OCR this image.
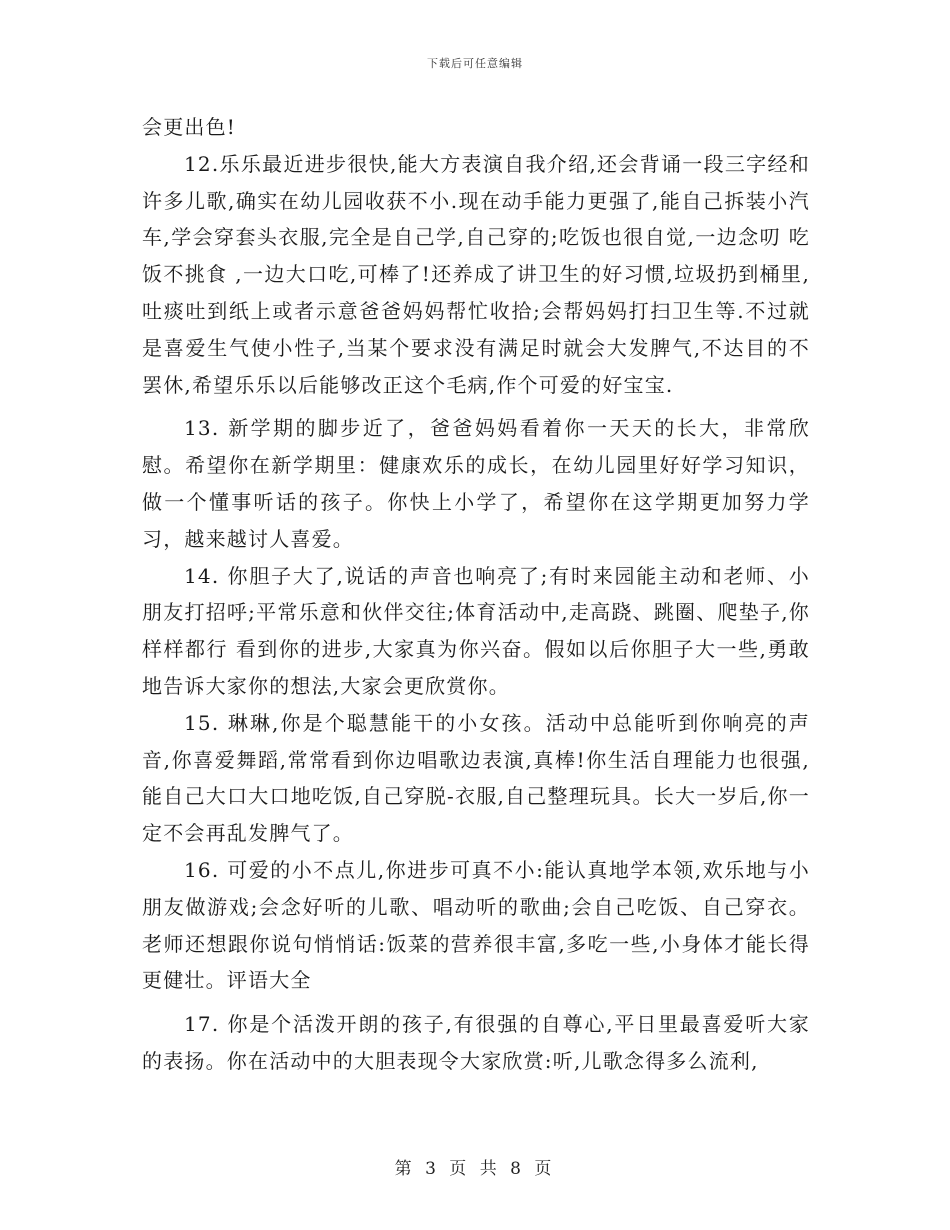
下载后可任意编辑

会更出色!

12.乐乐最近进步很快,能大方表演自我介绍,还会背诵一段三字经和许多儿歌,确实在幼儿园收获不小.现在动手能力更强了,能自己拆装小汽车,学会穿套头衣服,完全是自己学,自己穿的;吃饭也很自觉,一边念叨 吃饭不挑食 ,一边大口吃,可棒了!还养成了讲卫生的好习惯,垃圾扔到桶里,吐痰吐到纸上或者示意爸爸妈妈帮忙收拾;会帮妈妈打扫卫生等.不过就是喜爱生气使小性子,当某个要求没有满足时就会大发脾气,不达目的不罢休,希望乐乐以后能够改正这个毛病,作个可爱的好宝宝.

13. 新学期的脚步近了，爸爸妈妈看着你一天天的长大，非常欣慰。希望你在新学期里：健康欢乐的成长，在幼儿园里好好学习知识，做一个懂事听话的孩子。你快上小学了，希望你在这学期更加努力学习，越来越讨人喜爱。

14. 你胆子大了,说话的声音也响亮了;有时来园能主动和老师、小朋友打招呼;平常乐意和伙伴交往;体育活动中,走高跷、跳圈、爬垫子,你样样都行 看到你的进步,大家真为你兴奋。假如以后你胆子大一些,勇敢地告诉大家你的想法,大家会更欣赏你。

15. 琳琳,你是个聪慧能干的小女孩。活动中总能听到你响亮的声音,你喜爱舞蹈,常常看到你边唱歌边表演,真棒!你生活自理能力也很强,能自己大口大口地吃饭,自己穿脱-衣服,自己整理玩具。长大一岁后,你一定不会再乱发脾气了。

16. 可爱的小不点儿,你进步可真不小:能认真地学本领,欢乐地与小朋友做游戏;会念好听的儿歌、唱动听的歌曲;会自己吃饭、自己穿衣。老师还想跟你说句悄悄话:饭菜的营养很丰富,多吃一些,小身体才能长得更健壮。评语大全

17. 你是个活泼开朗的孩子,有很强的自尊心,平日里最喜爱听大家的表扬。你在活动中的大胆表现令大家欣赏:听,儿歌念得多么流利,

第 3 页 共 8 页
